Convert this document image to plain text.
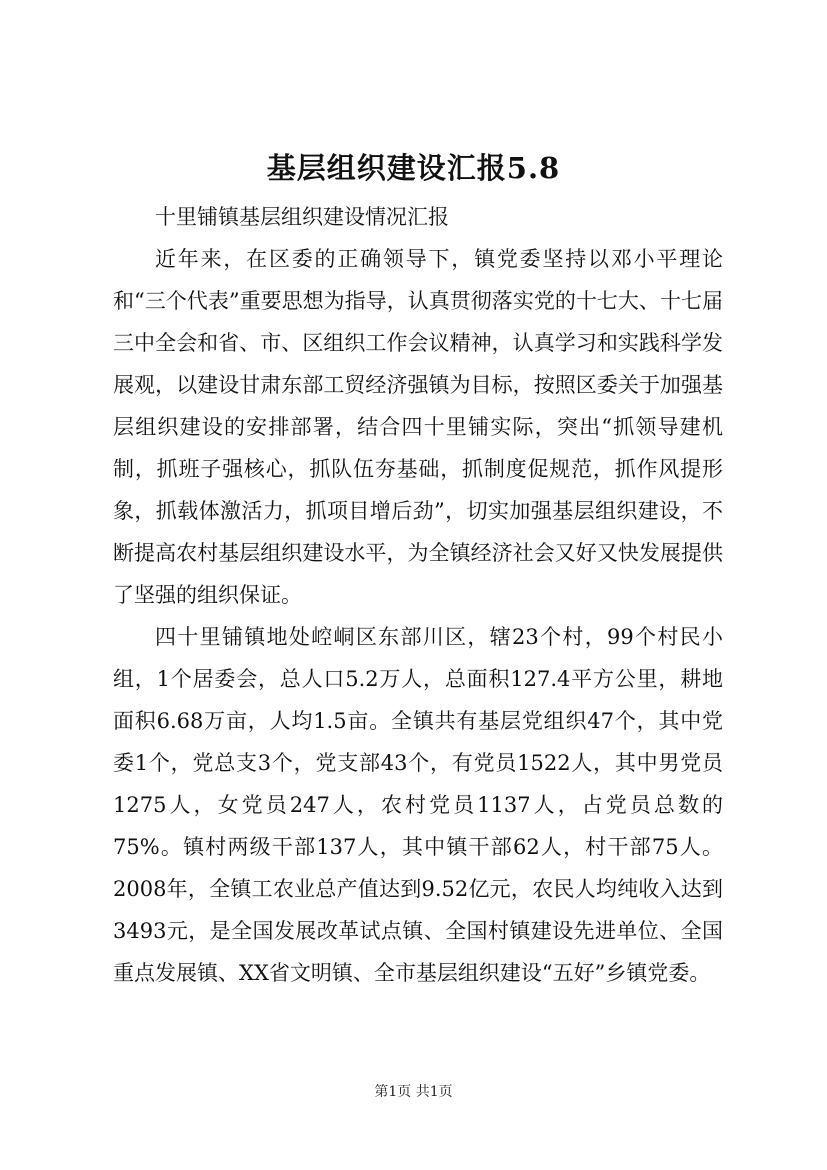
基层组织建设汇报5.8

十里铺镇基层组织建设情况汇报

近年来，在区委的正确领导下，镇党委坚持以邓小平理论和“三个代表”重要思想为指导，认真贯彻落实党的十七大、十七届三中全会和省、市、区组织工作会议精神，认真学习和实践科学发展观，以建设甘肃东部工贸经济强镇为目标，按照区委关于加强基层组织建设的安排部署，结合四十里铺实际，突出“抓领导建机制，抓班子强核心，抓队伍夯基础，抓制度促规范，抓作风提形象，抓载体激活力，抓项目增后劲”，切实加强基层组织建设，不断提高农村基层组织建设水平，为全镇经济社会又好又快发展提供了坚强的组织保证。

四十里铺镇地处崆峒区东部川区，辖23个村，99个村民小组，1个居委会，总人口5.2万人，总面积127.4平方公里，耕地面积6.68万亩，人均1.5亩。全镇共有基层党组织47个，其中党委1个，党总支3个，党支部43个，有党员1522人，其中男党员1275人，女党员247人，农村党员1137人，占党员总数的75%。镇村两级干部137人，其中镇干部62人，村干部75人。2008年，全镇工农业总产值达到9.52亿元，农民人均纯收入达到3493元，是全国发展改革试点镇、全国村镇建设先进单位、全国重点发展镇、XX省文明镇、全市基层组织建设“五好”乡镇党委。

第1页 共1页
